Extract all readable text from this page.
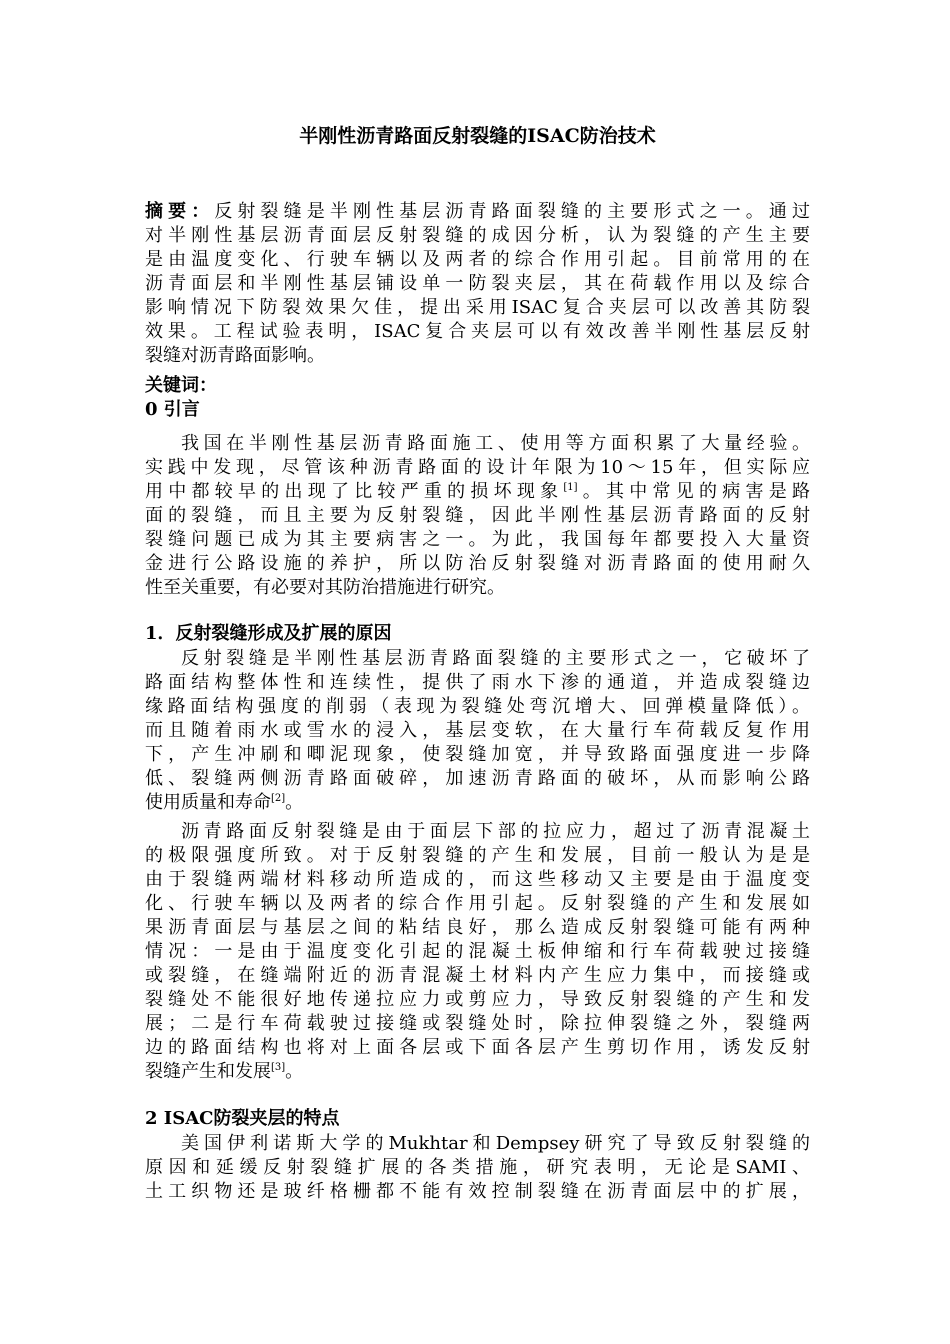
半刚性沥青路面反射裂缝的ISAC防治技术
摘要：反射裂缝是半刚性基层沥青路面裂缝的主要形式之一。通过
对半刚性基层沥青面层反射裂缝的成因分析，认为裂缝的产生主要
是由温度变化、行驶车辆以及两者的综合作用引起。目前常用的在
沥青面层和半刚性基层铺设单一防裂夹层，其在荷载作用以及综合
影响情况下防裂效果欠佳，提出采用ISAC复合夹层可以改善其防裂
效果。工程试验表明，ISAC复合夹层可以有效改善半刚性基层反射
裂缝对沥青路面影响。
关键词：
0 引言
我国在半刚性基层沥青路面施工、使用等方面积累了大量经验。
实践中发现，尽管该种沥青路面的设计年限为10～15年，但实际应
用中都较早的出现了比较严重的损坏现象[1]。其中常见的病害是路
面的裂缝，而且主要为反射裂缝，因此半刚性基层沥青路面的反射
裂缝问题已成为其主要病害之一。为此，我国每年都要投入大量资
金进行公路设施的养护，所以防治反射裂缝对沥青路面的使用耐久
性至关重要，有必要对其防治措施进行研究。
1．反射裂缝形成及扩展的原因
反射裂缝是半刚性基层沥青路面裂缝的主要形式之一，它破坏了
路面结构整体性和连续性，提供了雨水下渗的通道，并造成裂缝边
缘路面结构强度的削弱（表现为裂缝处弯沉增大、回弹模量降低）。
而且随着雨水或雪水的浸入，基层变软，在大量行车荷载反复作用
下，产生冲刷和唧泥现象，使裂缝加宽，并导致路面强度进一步降
低、裂缝两侧沥青路面破碎，加速沥青路面的破坏，从而影响公路
使用质量和寿命[2]。
沥青路面反射裂缝是由于面层下部的拉应力，超过了沥青混凝土
的极限强度所致。对于反射裂缝的产生和发展，目前一般认为是是
由于裂缝两端材料移动所造成的，而这些移动又主要是由于温度变
化、行驶车辆以及两者的综合作用引起。反射裂缝的产生和发展如
果沥青面层与基层之间的粘结良好，那么造成反射裂缝可能有两种
情况：一是由于温度变化引起的混凝土板伸缩和行车荷载驶过接缝
或裂缝，在缝端附近的沥青混凝土材料内产生应力集中，而接缝或
裂缝处不能很好地传递拉应力或剪应力，导致反射裂缝的产生和发
展；二是行车荷载驶过接缝或裂缝处时，除拉伸裂缝之外，裂缝两
边的路面结构也将对上面各层或下面各层产生剪切作用，诱发反射
裂缝产生和发展[3]。
2 ISAC防裂夹层的特点
美国伊利诺斯大学的Mukhtar和Dempsey研究了导致反射裂缝的
原因和延缓反射裂缝扩展的各类措施，研究表明，无论是SAMI、
土工织物还是玻纤格栅都不能有效控制裂缝在沥青面层中的扩展，
